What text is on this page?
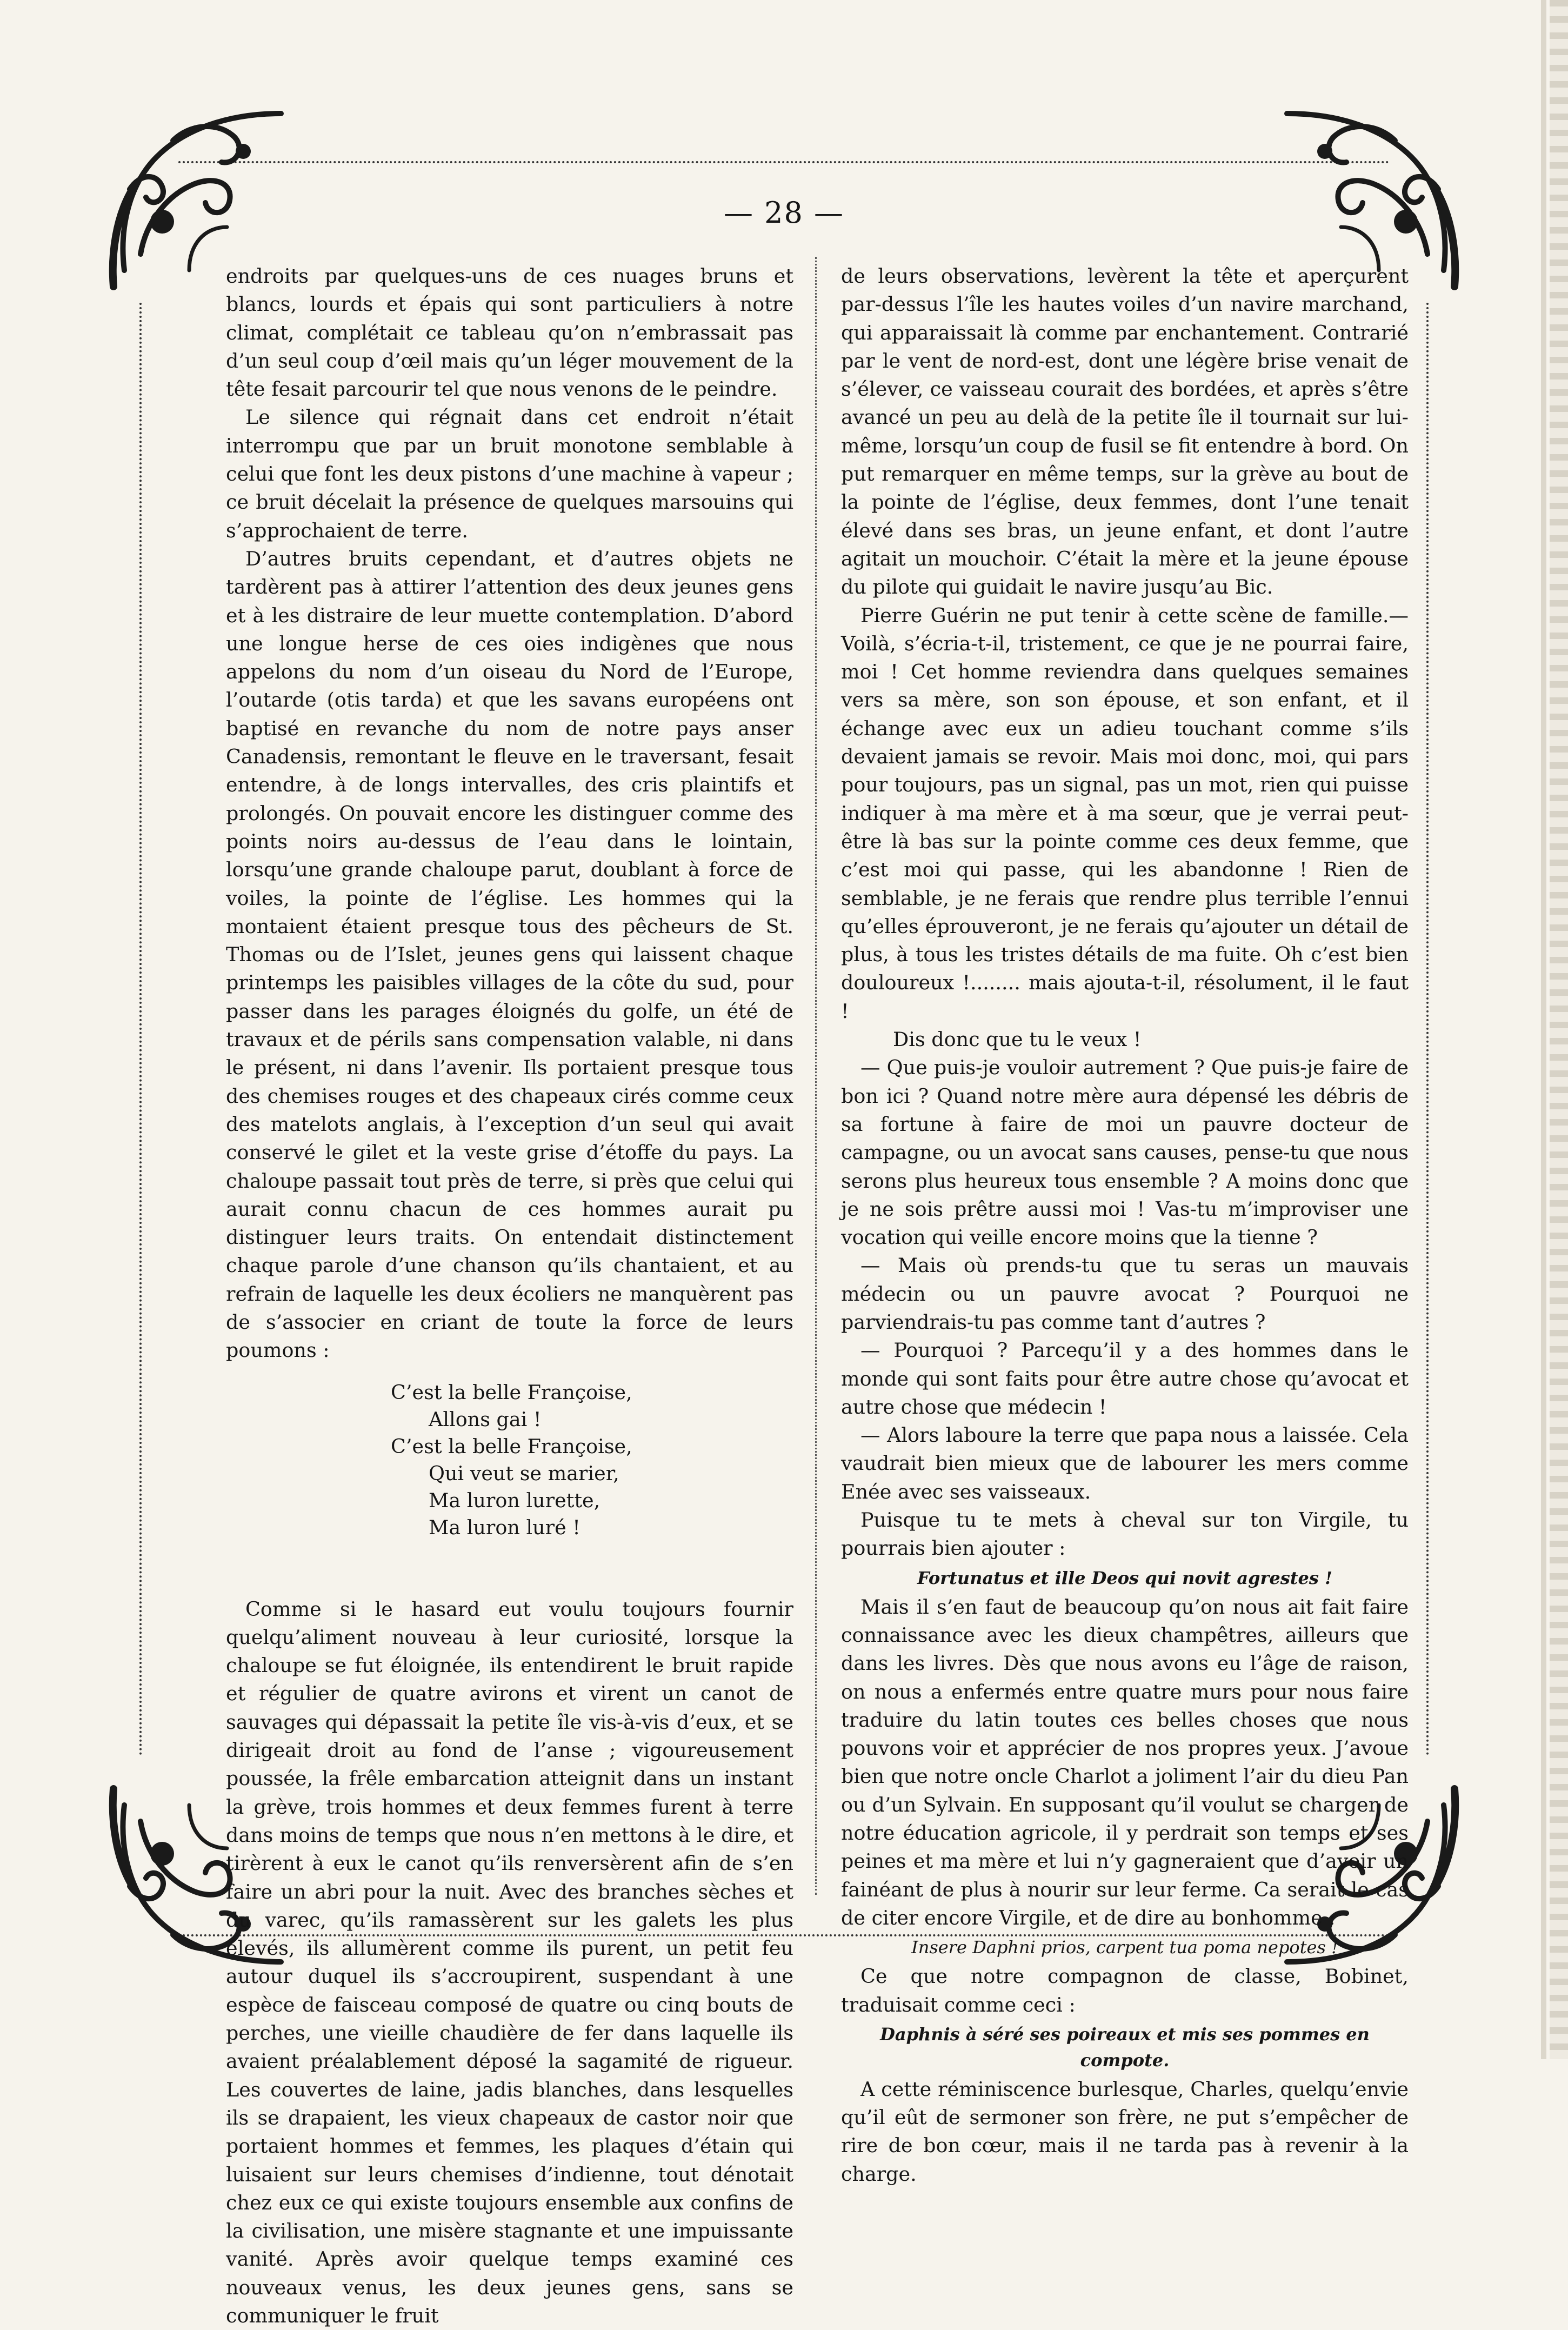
— 28 —

endroits par quelques-uns de ces nuages bruns et blancs, lourds et épais qui sont particuliers à notre climat, complétait ce tableau qu’on n’embrassait pas d’un seul coup d’œil mais qu’un léger mouvement de la tête fesait parcourir tel que nous venons de le peindre.

Le silence qui régnait dans cet endroit n’était interrompu que par un bruit monotone semblable à celui que font les deux pistons d’une machine à vapeur ; ce bruit décelait la présence de quelques marsouins qui s’approchaient de terre.

D’autres bruits cependant, et d’autres objets ne tardèrent pas à attirer l’attention des deux jeunes gens et à les distraire de leur muette contemplation. D’abord une longue herse de ces oies indigènes que nous appelons du nom d’un oiseau du Nord de l’Europe, l’outarde (otis tarda) et que les savans européens ont baptisé en revanche du nom de notre pays anser Canadensis, remontant le fleuve en le traversant, fesait entendre, à de longs intervalles, des cris plaintifs et prolongés. On pouvait encore les distinguer comme des points noirs au-dessus de l’eau dans le lointain, lorsqu’une grande chaloupe parut, doublant à force de voiles, la pointe de l’église. Les hommes qui la montaient étaient presque tous des pêcheurs de St. Thomas ou de l’Islet, jeunes gens qui laissent chaque printemps les paisibles villages de la côte du sud, pour passer dans les parages éloignés du golfe, un été de travaux et de périls sans compensation valable, ni dans le présent, ni dans l’avenir. Ils portaient presque tous des chemises rouges et des chapeaux cirés comme ceux des matelots anglais, à l’exception d’un seul qui avait conservé le gilet et la veste grise d’étoffe du pays. La chaloupe passait tout près de terre, si près que celui qui aurait connu chacun de ces hommes aurait pu distinguer leurs traits. On entendait distinctement chaque parole d’une chanson qu’ils chantaient, et au refrain de laquelle les deux écoliers ne manquèrent pas de s’associer en criant de toute la force de leurs poumons :

C’est la belle Françoise,
Allons gai !
C’est la belle Françoise,
Qui veut se marier,
Ma luron lurette,
Ma luron luré !

Comme si le hasard eut voulu toujours fournir quelqu’aliment nouveau à leur curiosité, lorsque la chaloupe se fut éloignée, ils entendirent le bruit rapide et régulier de quatre avirons et virent un canot de sauvages qui dépassait la petite île vis-à-vis d’eux, et se dirigeait droit au fond de l’anse ; vigoureusement poussée, la frêle embarcation atteignit dans un instant la grève, trois hommes et deux femmes furent à terre dans moins de temps que nous n’en mettons à le dire, et tirèrent à eux le canot qu’ils renversèrent afin de s’en faire un abri pour la nuit. Avec des branches sèches et du varec, qu’ils ramassèrent sur les galets les plus élevés, ils allumèrent comme ils purent, un petit feu autour duquel ils s’accroupirent, suspendant à une espèce de faisceau composé de quatre ou cinq bouts de perches, une vieille chaudière de fer dans laquelle ils avaient préalablement déposé la sagamité de rigueur. Les couvertes de laine, jadis blanches, dans lesquelles ils se drapaient, les vieux chapeaux de castor noir que portaient hommes et femmes, les plaques d’étain qui luisaient sur leurs chemises d’indienne, tout dénotait chez eux ce qui existe toujours ensemble aux confins de la civilisation, une misère stagnante et une impuissante vanité. Après avoir quelque temps examiné ces nouveaux venus, les deux jeunes gens, sans se communiquer le fruit

de leurs observations, levèrent la tête et aperçurent par-dessus l’île les hautes voiles d’un navire marchand, qui apparaissait là comme par enchantement. Contrarié par le vent de nord-est, dont une légère brise venait de s’élever, ce vaisseau courait des bordées, et après s’être avancé un peu au delà de la petite île il tournait sur lui-même, lorsqu’un coup de fusil se fit entendre à bord. On put remarquer en même temps, sur la grève au bout de la pointe de l’église, deux femmes, dont l’une tenait élevé dans ses bras, un jeune enfant, et dont l’autre agitait un mouchoir. C’était la mère et la jeune épouse du pilote qui guidait le navire jusqu’au Bic.

Pierre Guérin ne put tenir à cette scène de famille.—Voilà, s’écria-t-il, tristement, ce que je ne pourrai faire, moi ! Cet homme reviendra dans quelques semaines vers sa mère, son son épouse, et son enfant, et il échange avec eux un adieu touchant comme s’ils devaient jamais se revoir. Mais moi donc, moi, qui pars pour toujours, pas un signal, pas un mot, rien qui puisse indiquer à ma mère et à ma sœur, que je verrai peut-être là bas sur la pointe comme ces deux femme, que c’est moi qui passe, qui les abandonne ! Rien de semblable, je ne ferais que rendre plus terrible l’ennui qu’elles éprouveront, je ne ferais qu’ajouter un détail de plus, à tous les tristes détails de ma fuite. Oh c’est bien douloureux !........ mais ajouta-t-il, résolument, il le faut !

Dis donc que tu le veux !

— Que puis-je vouloir autrement ? Que puis-je faire de bon ici ? Quand notre mère aura dépensé les débris de sa fortune à faire de moi un pauvre docteur de campagne, ou un avocat sans causes, pense-tu que nous serons plus heureux tous ensemble ? A moins donc que je ne sois prêtre aussi moi ! Vas-tu m’improviser une vocation qui veille encore moins que la tienne ?

— Mais où prends-tu que tu seras un mauvais médecin ou un pauvre avocat ? Pourquoi ne parviendrais-tu pas comme tant d’autres ?

— Pourquoi ? Parcequ’il y a des hommes dans le monde qui sont faits pour être autre chose qu’avocat et autre chose que médecin !

— Alors laboure la terre que papa nous a laissée. Cela vaudrait bien mieux que de labourer les mers comme Enée avec ses vaisseaux.

Puisque tu te mets à cheval sur ton Virgile, tu pourrais bien ajouter :

Fortunatus et ille Deos qui novit agrestes !

Mais il s’en faut de beaucoup qu’on nous ait fait faire connaissance avec les dieux champêtres, ailleurs que dans les livres. Dès que nous avons eu l’âge de raison, on nous a enfermés entre quatre murs pour nous faire traduire du latin toutes ces belles choses que nous pouvons voir et apprécier de nos propres yeux. J’avoue bien que notre oncle Charlot a joliment l’air du dieu Pan ou d’un Sylvain. En supposant qu’il voulut se charger de notre éducation agricole, il y perdrait son temps et ses peines et ma mère et lui n’y gagneraient que d’avoir un fainéant de plus à nourir sur leur ferme. Ca serait le cas de citer encore Virgile, et de dire au bonhomme :

Insere Daphni prios, carpent tua poma nepotes !

Ce que notre compagnon de classe, Bobinet, traduisait comme ceci :

Daphnis à séré ses poireaux et mis ses pommes en compote.

A cette réminiscence burlesque, Charles, quelqu’envie qu’il eût de sermoner son frère, ne put s’empêcher de rire de bon cœur, mais il ne tarda pas à revenir à la charge.
